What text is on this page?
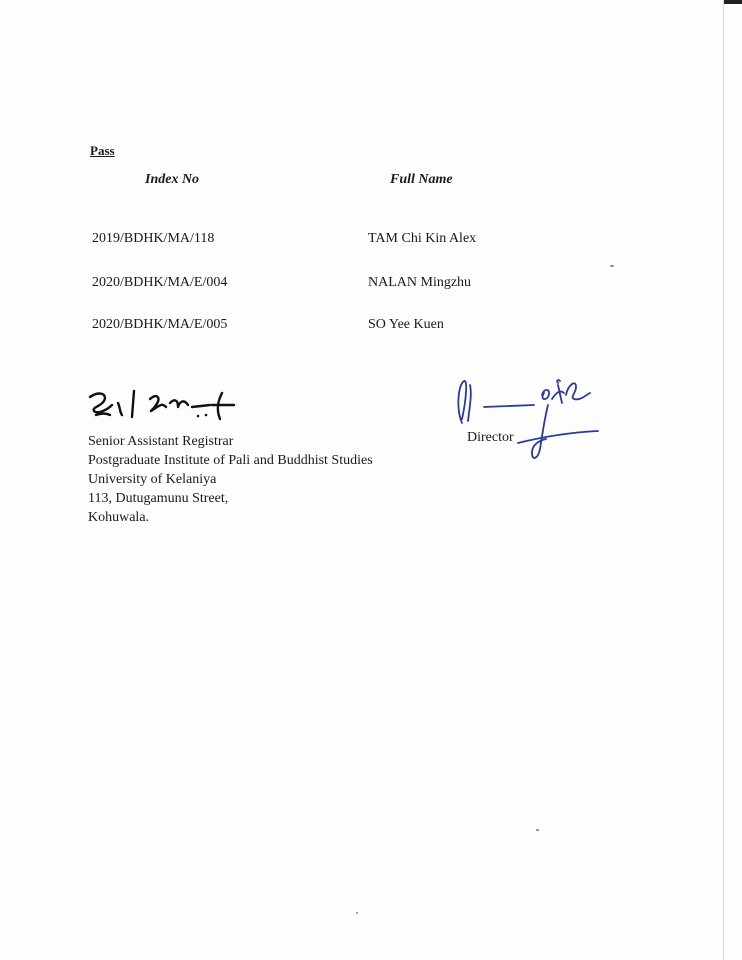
Pass
Index No	Full Name
2019/BDHK/MA/118	TAM Chi Kin Alex
2020/BDHK/MA/E/004	NALAN Mingzhu
2020/BDHK/MA/E/005	SO Yee Kuen
Senior Assistant Registrar
Postgraduate Institute of Pali and Buddhist Studies
University of Kelaniya
113, Dutugamunu Street,
Kohuwala.
Director
